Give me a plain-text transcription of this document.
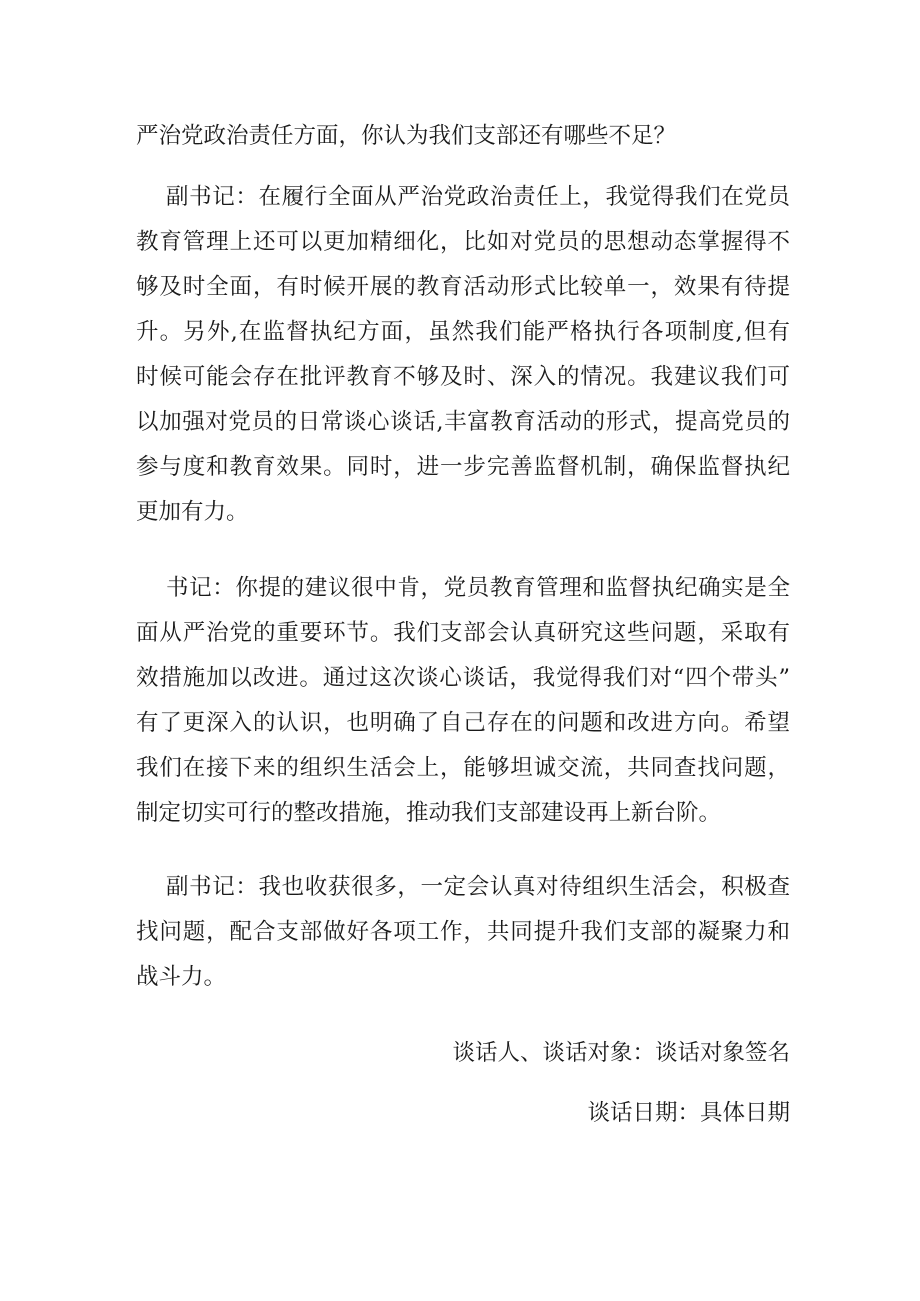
严治党政治责任方面，你认为我们支部还有哪些不足？
副书记：在履行全面从严治党政治责任上，我觉得我们在党员
教育管理上还可以更加精细化，比如对党员的思想动态掌握得不
够及时全面，有时候开展的教育活动形式比较单一，效果有待提
升。另外,在监督执纪方面，虽然我们能严格执行各项制度,但有
时候可能会存在批评教育不够及时、深入的情况。我建议我们可
以加强对党员的日常谈心谈话,丰富教育活动的形式，提高党员的
参与度和教育效果。同时，进一步完善监督机制，确保监督执纪
更加有力。
书记：你提的建议很中肯，党员教育管理和监督执纪确实是全
面从严治党的重要环节。我们支部会认真研究这些问题，采取有
效措施加以改进。通过这次谈心谈话，我觉得我们对“四个带头”
有了更深入的认识，也明确了自己存在的问题和改进方向。希望
我们在接下来的组织生活会上，能够坦诚交流，共同查找问题，
制定切实可行的整改措施，推动我们支部建设再上新台阶。
副书记：我也收获很多，一定会认真对待组织生活会，积极查
找问题，配合支部做好各项工作，共同提升我们支部的凝聚力和
战斗力。
谈话人、谈话对象：谈话对象签名
谈话日期：具体日期
